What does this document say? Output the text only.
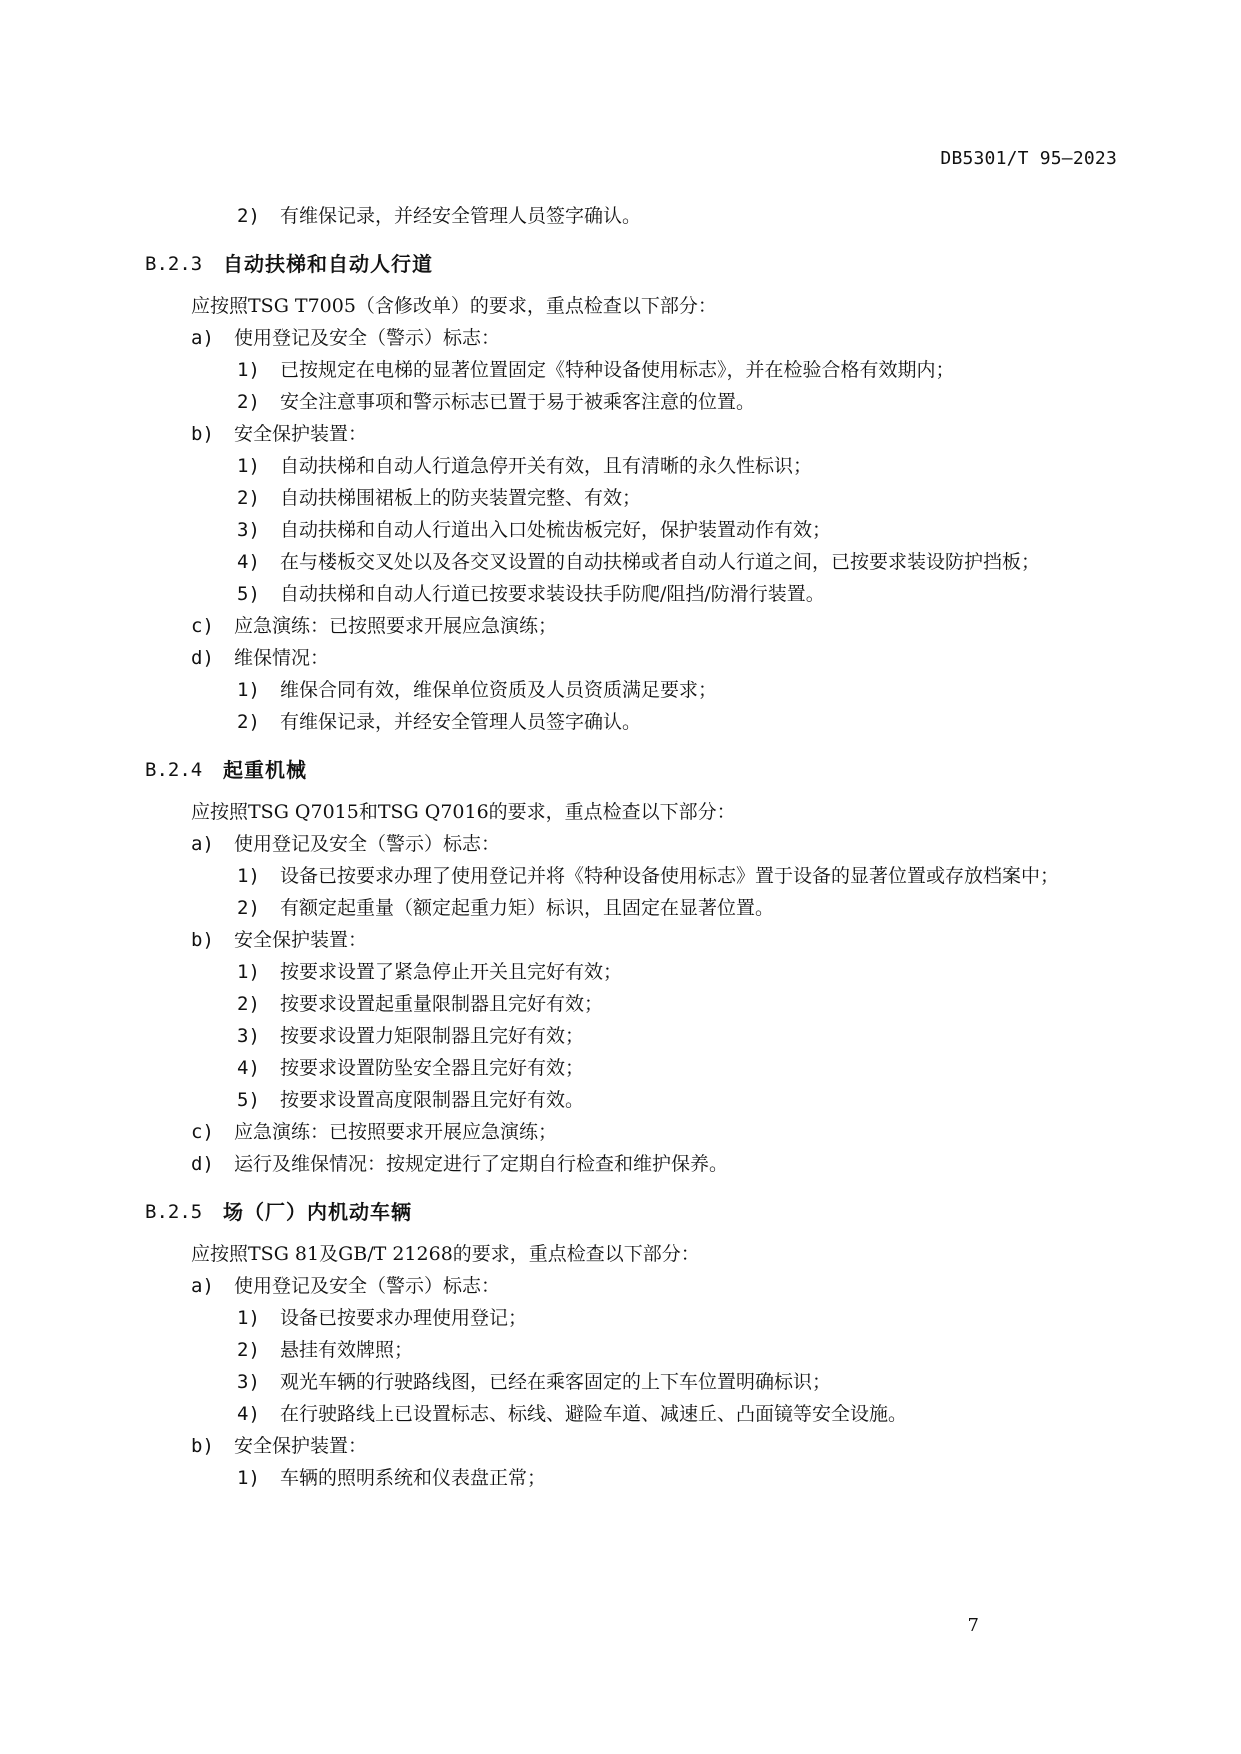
DB5301/T 95—2023
2)	有维保记录，并经安全管理人员签字确认。
B.2.3	自动扶梯和自动人行道
应按照TSG T7005（含修改单）的要求，重点检查以下部分：
a)	使用登记及安全（警示）标志：
1)	已按规定在电梯的显著位置固定《特种设备使用标志》，并在检验合格有效期内；
2)	安全注意事项和警示标志已置于易于被乘客注意的位置。
b)	安全保护装置：
1)	自动扶梯和自动人行道急停开关有效，且有清晰的永久性标识；
2)	自动扶梯围裙板上的防夹装置完整、有效；
3)	自动扶梯和自动人行道出入口处梳齿板完好，保护装置动作有效；
4)	在与楼板交叉处以及各交叉设置的自动扶梯或者自动人行道之间，已按要求装设防护挡板；
5)	自动扶梯和自动人行道已按要求装设扶手防爬/阻挡/防滑行装置。
c)	应急演练：已按照要求开展应急演练；
d)	维保情况：
1)	维保合同有效，维保单位资质及人员资质满足要求；
2)	有维保记录，并经安全管理人员签字确认。
B.2.4	起重机械
应按照TSG Q7015和TSG Q7016的要求，重点检查以下部分：
a)	使用登记及安全（警示）标志：
1)	设备已按要求办理了使用登记并将《特种设备使用标志》置于设备的显著位置或存放档案中；
2)	有额定起重量（额定起重力矩）标识，且固定在显著位置。
b)	安全保护装置：
1)	按要求设置了紧急停止开关且完好有效；
2)	按要求设置起重量限制器且完好有效；
3)	按要求设置力矩限制器且完好有效；
4)	按要求设置防坠安全器且完好有效；
5)	按要求设置高度限制器且完好有效。
c)	应急演练：已按照要求开展应急演练；
d)	运行及维保情况：按规定进行了定期自行检查和维护保养。
B.2.5	场（厂）内机动车辆
应按照TSG 81及GB/T 21268的要求，重点检查以下部分：
a)	使用登记及安全（警示）标志：
1)	设备已按要求办理使用登记；
2)	悬挂有效牌照；
3)	观光车辆的行驶路线图，已经在乘客固定的上下车位置明确标识；
4)	在行驶路线上已设置标志、标线、避险车道、减速丘、凸面镜等安全设施。
b)	安全保护装置：
1)	车辆的照明系统和仪表盘正常；
7
